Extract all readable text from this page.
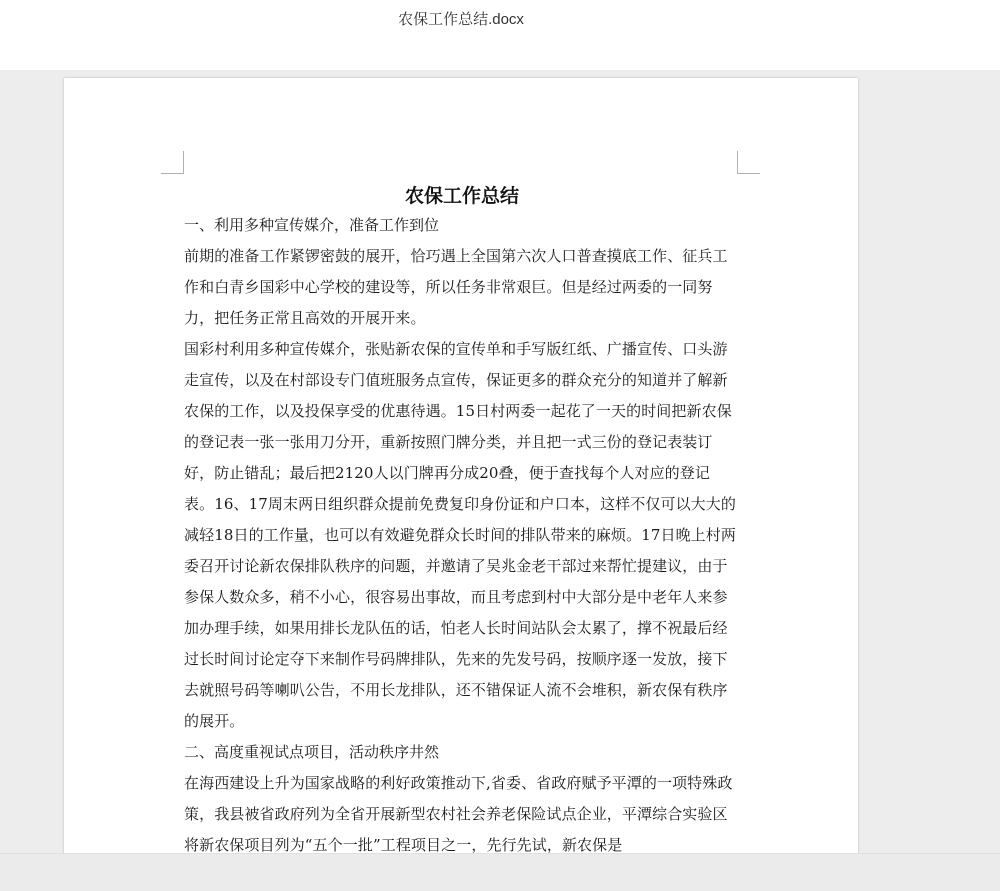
农保工作总结.docx
农保工作总结

一、利用多种宣传媒介，准备工作到位

前期的准备工作紧锣密鼓的展开，恰巧遇上全国第六次人口普查摸底工作、征兵工作和白青乡国彩中心学校的建设等，所以任务非常艰巨。但是经过两委的一同努力，把任务正常且高效的开展开来。

国彩村利用多种宣传媒介，张贴新农保的宣传单和手写版红纸、广播宣传、口头游走宣传，以及在村部设专门值班服务点宣传，保证更多的群众充分的知道并了解新农保的工作，以及投保享受的优惠待遇。15日村两委一起花了一天的时间把新农保的登记表一张一张用刀分开，重新按照门牌分类，并且把一式三份的登记表装订好，防止错乱；最后把2120人以门牌再分成20叠，便于查找每个人对应的登记表。16、17周末两日组织群众提前免费复印身份证和户口本，这样不仅可以大大的减轻18日的工作量，也可以有效避免群众长时间的排队带来的麻烦。17日晚上村两委召开讨论新农保排队秩序的问题，并邀请了吴兆金老干部过来帮忙提建议，由于参保人数众多，稍不小心，很容易出事故，而且考虑到村中大部分是中老年人来参加办理手续，如果用排长龙队伍的话，怕老人长时间站队会太累了，撑不祝最后经过长时间讨论定夺下来制作号码牌排队，先来的先发号码，按顺序逐一发放，接下去就照号码等喇叭公告，不用长龙排队，还不错保证人流不会堆积，新农保有秩序的展开。

二、高度重视试点项目，活动秩序井然

在海西建设上升为国家战略的利好政策推动下,省委、省政府赋予平潭的一项特殊政策，我县被省政府列为全省开展新型农村社会养老保险试点企业，平潭综合实验区将新农保项目列为“五个一批”工程项目之一，先行先试，新农保是
